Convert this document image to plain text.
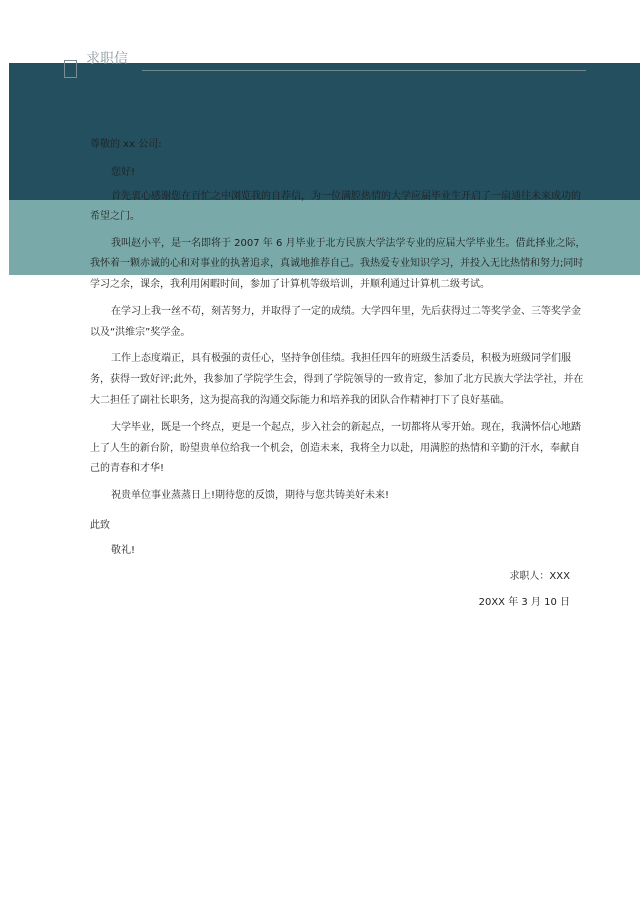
求职信
尊敬的 xx 公司:
您好!
首先衷心感谢您在百忙之中浏览我的自荐信，为一位满腔热情的大学应届毕业生开启了一扇通往未来成功的
希望之门。
我叫赵小平，是一名即将于 2007 年 6 月毕业于北方民族大学法学专业的应届大学毕业生。借此择业之际，
我怀着一颗赤诚的心和对事业的执著追求，真诚地推荐自己。我热爱专业知识学习，并投入无比热情和努力;同时
学习之余，课余，我利用闲暇时间，参加了计算机等级培训，并顺利通过计算机二级考试。
在学习上我一丝不苟，刻苦努力，并取得了一定的成绩。大学四年里，先后获得过二等奖学金、三等奖学金
以及“洪维宗”奖学金。
工作上态度端正，具有极强的责任心，坚持争创佳绩。我担任四年的班级生活委员，积极为班级同学们服
务，获得一致好评;此外，我参加了学院学生会，得到了学院领导的一致肯定，参加了北方民族大学法学社，并在
大二担任了副社长职务，这为提高我的沟通交际能力和培养我的团队合作精神打下了良好基础。
大学毕业，既是一个终点，更是一个起点，步入社会的新起点，一切都将从零开始。现在，我满怀信心地踏
上了人生的新台阶，盼望贵单位给我一个机会，创造未来，我将全力以赴，用满腔的热情和辛勤的汗水，奉献自
己的青春和才华!
祝贵单位事业蒸蒸日上!期待您的反馈，期待与您共铸美好未来!
此致
敬礼!
求职人：XXX
20XX 年 3 月 10 日
